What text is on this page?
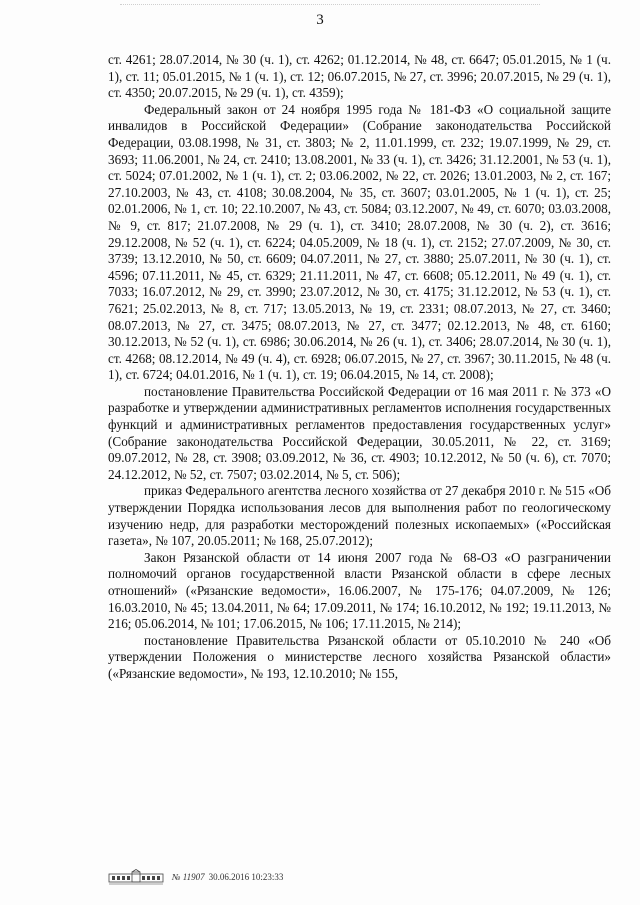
3

ст. 4261; 28.07.2014, № 30 (ч. 1), ст. 4262; 01.12.2014, № 48, ст. 6647; 05.01.2015, № 1 (ч. 1), ст. 11; 05.01.2015, № 1 (ч. 1), ст. 12; 06.07.2015, № 27, ст. 3996; 20.07.2015, № 29 (ч. 1), ст. 4350; 20.07.2015, № 29 (ч. 1), ст. 4359);

Федеральный закон от 24 ноября 1995 года № 181-ФЗ «О социальной защите инвалидов в Российской Федерации» (Собрание законодательства Российской Федерации, 03.08.1998, № 31, ст. 3803; № 2, 11.01.1999, ст. 232; 19.07.1999, № 29, ст. 3693; 11.06.2001, № 24, ст. 2410; 13.08.2001, № 33 (ч. 1), ст. 3426; 31.12.2001, № 53 (ч. 1), ст. 5024; 07.01.2002, № 1 (ч. 1), ст. 2; 03.06.2002, № 22, ст. 2026; 13.01.2003, № 2, ст. 167; 27.10.2003, № 43, ст. 4108; 30.08.2004, № 35, ст. 3607; 03.01.2005, № 1 (ч. 1), ст. 25; 02.01.2006, № 1, ст. 10; 22.10.2007, № 43, ст. 5084; 03.12.2007, № 49, ст. 6070; 03.03.2008, № 9, ст. 817; 21.07.2008, № 29 (ч. 1), ст. 3410; 28.07.2008, № 30 (ч. 2), ст. 3616; 29.12.2008, № 52 (ч. 1), ст. 6224; 04.05.2009, № 18 (ч. 1), ст. 2152; 27.07.2009, № 30, ст. 3739; 13.12.2010, № 50, ст. 6609; 04.07.2011, № 27, ст. 3880; 25.07.2011, № 30 (ч. 1), ст. 4596; 07.11.2011, № 45, ст. 6329; 21.11.2011, № 47, ст. 6608; 05.12.2011, № 49 (ч. 1), ст. 7033; 16.07.2012, № 29, ст. 3990; 23.07.2012, № 30, ст. 4175; 31.12.2012, № 53 (ч. 1), ст. 7621; 25.02.2013, № 8, ст. 717; 13.05.2013, № 19, ст. 2331; 08.07.2013, № 27, ст. 3460; 08.07.2013, № 27, ст. 3475; 08.07.2013, № 27, ст. 3477; 02.12.2013, № 48, ст. 6160; 30.12.2013, № 52 (ч. 1), ст. 6986; 30.06.2014, № 26 (ч. 1), ст. 3406; 28.07.2014, № 30 (ч. 1), ст. 4268; 08.12.2014, № 49 (ч. 4), ст. 6928; 06.07.2015, № 27, ст. 3967; 30.11.2015, № 48 (ч. 1), ст. 6724; 04.01.2016, № 1 (ч. 1), ст. 19; 06.04.2015, № 14, ст. 2008);

постановление Правительства Российской Федерации от 16 мая 2011 г. № 373 «О разработке и утверждении административных регламентов исполнения государственных функций и административных регламентов предоставления государственных услуг» (Собрание законодательства Российской Федерации, 30.05.2011, № 22, ст. 3169; 09.07.2012, № 28, ст. 3908; 03.09.2012, № 36, ст. 4903; 10.12.2012, № 50 (ч. 6), ст. 7070; 24.12.2012, № 52, ст. 7507; 03.02.2014, № 5, ст. 506);

приказ Федерального агентства лесного хозяйства от 27 декабря 2010 г. № 515 «Об утверждении Порядка использования лесов для выполнения работ по геологическому изучению недр, для разработки месторождений полезных ископаемых» («Российская газета», № 107, 20.05.2011; № 168, 25.07.2012);

Закон Рязанской области от 14 июня 2007 года № 68-ОЗ «О разграничении полномочий органов государственной власти Рязанской области в сфере лесных отношений» («Рязанские ведомости», 16.06.2007, № 175-176; 04.07.2009, № 126; 16.03.2010, № 45; 13.04.2011, № 64; 17.09.2011, № 174; 16.10.2012, № 192; 19.11.2013, № 216; 05.06.2014, № 101; 17.06.2015, № 106; 17.11.2015, № 214);

постановление Правительства Рязанской области от 05.10.2010 № 240 «Об утверждении Положения о министерстве лесного хозяйства Рязанской области» («Рязанские ведомости», № 193, 12.10.2010; № 155,

№ 11907 30.06.2016 10:23:33
